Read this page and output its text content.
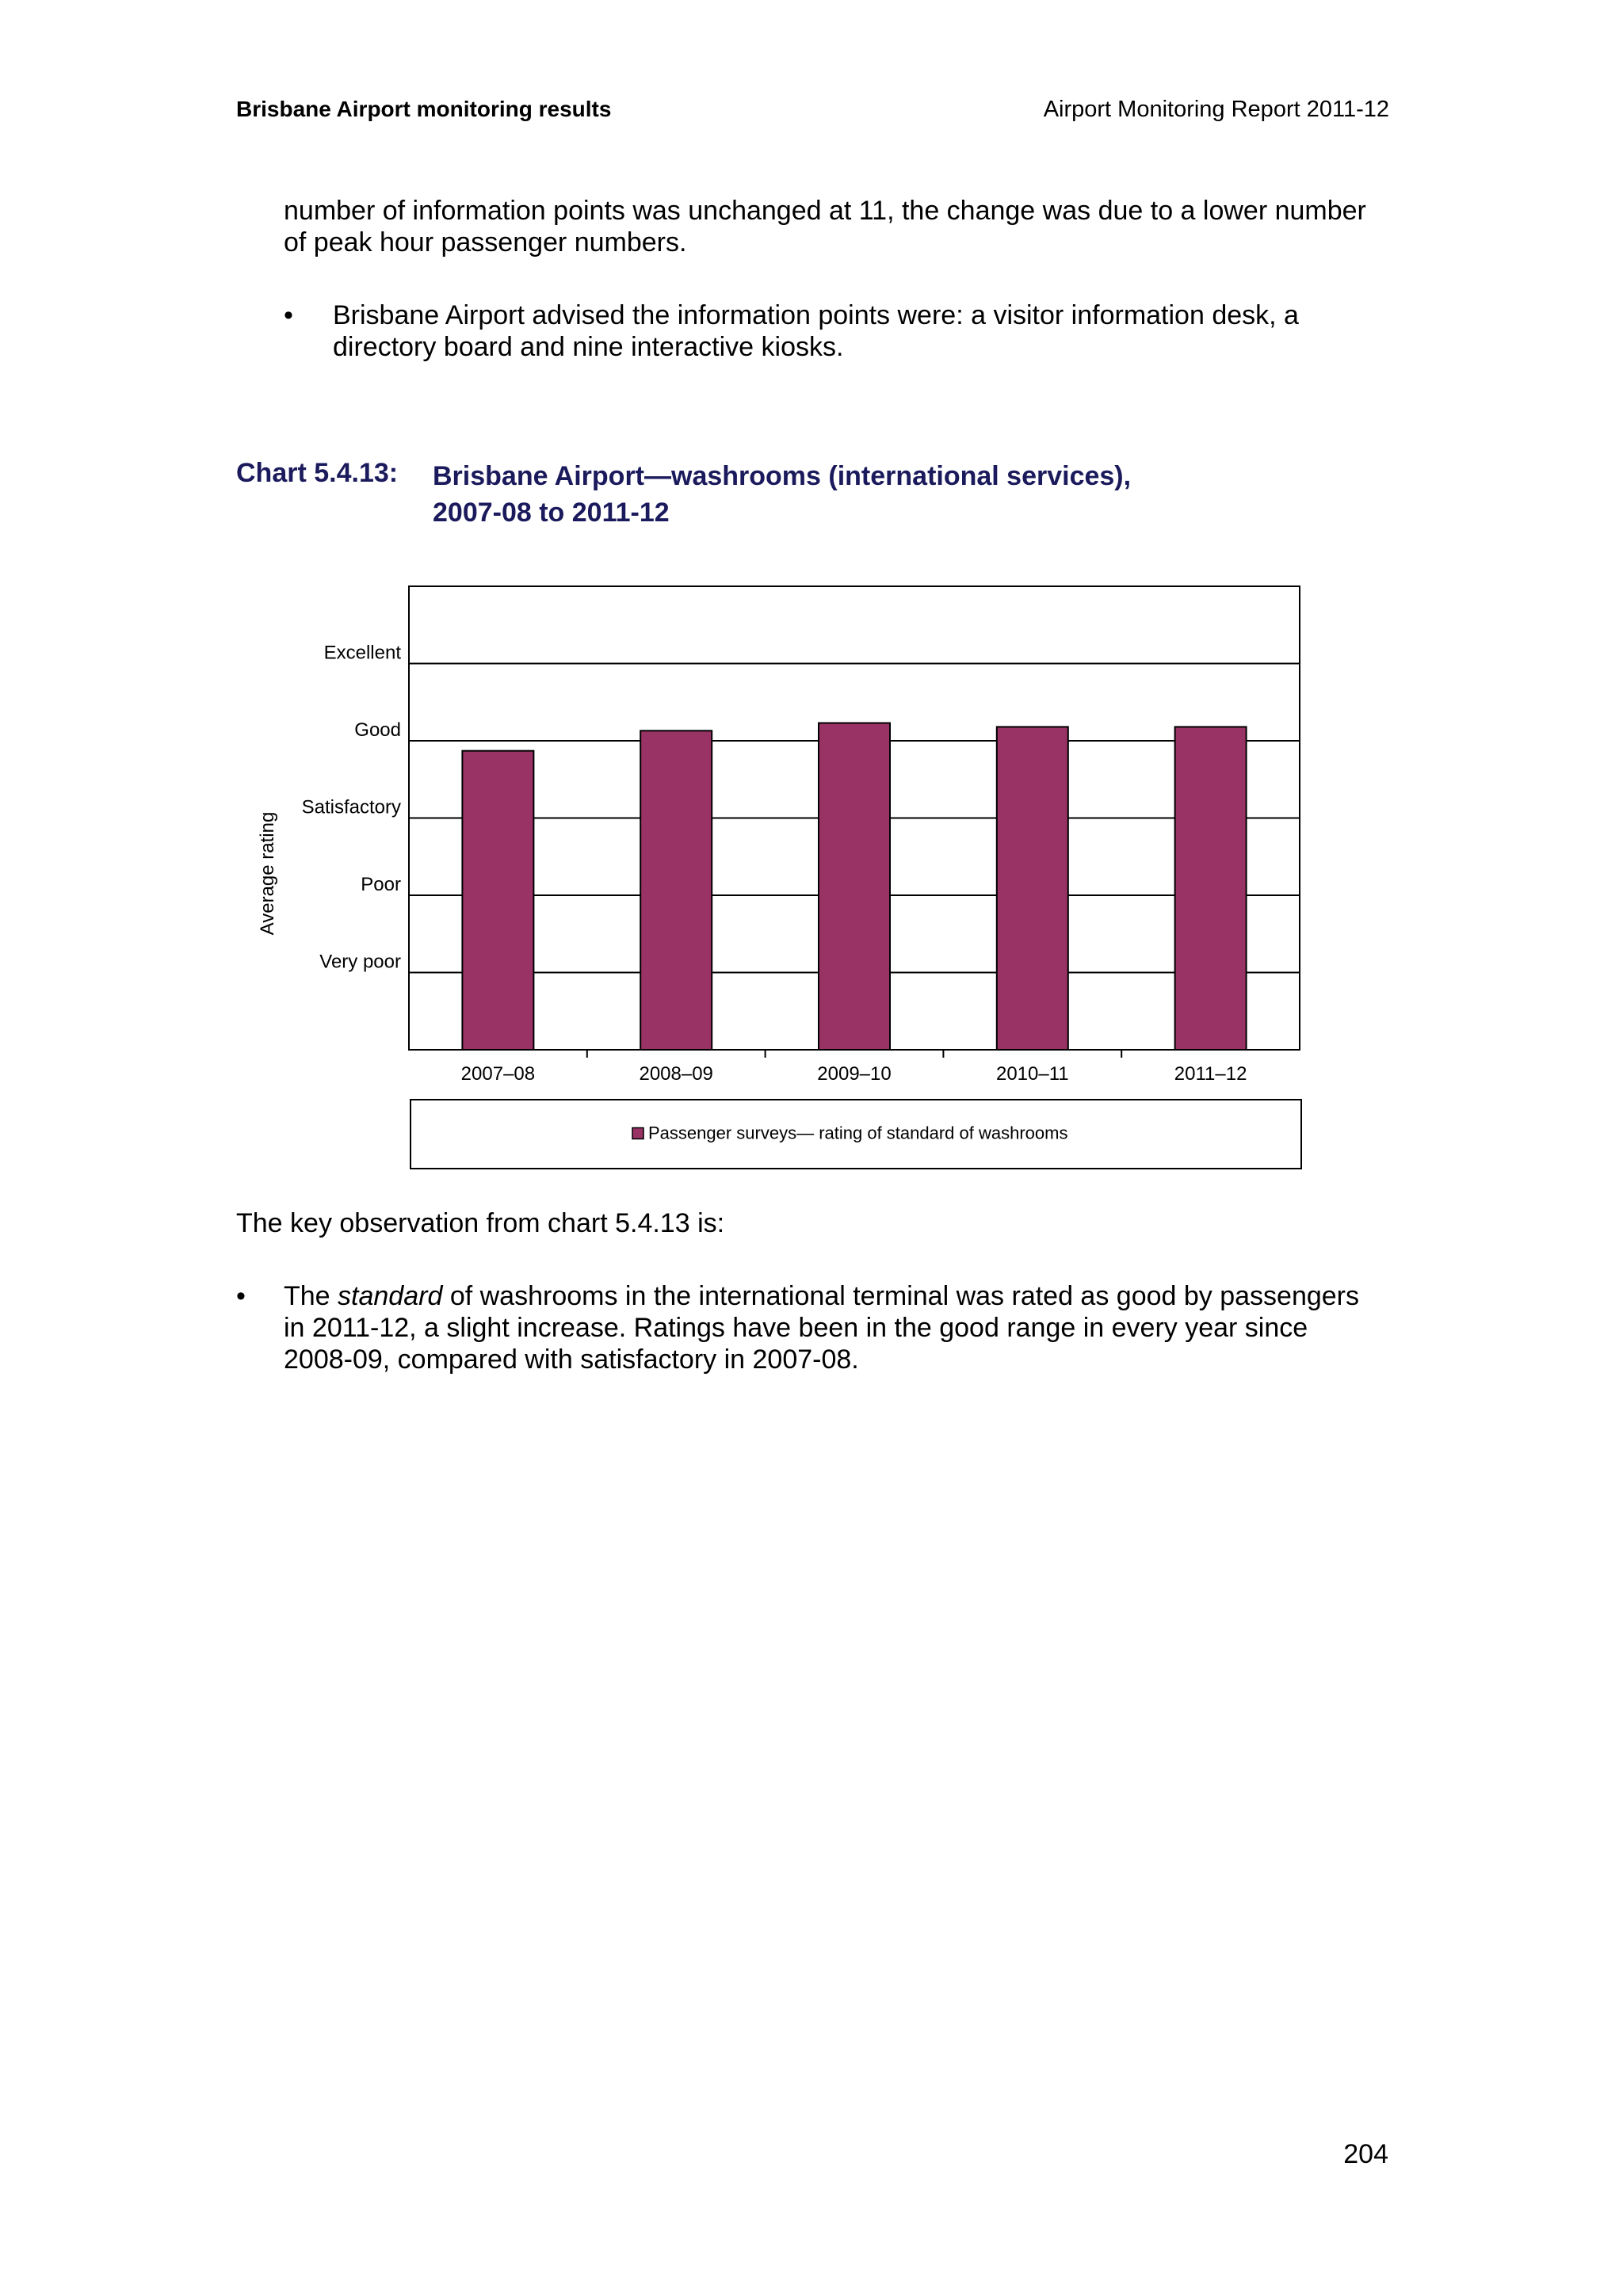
Brisbane Airport monitoring results	Airport Monitoring Report 2011-12
number of information points was unchanged at 11, the change was due to a lower number
of peak hour passenger numbers.
• Brisbane Airport advised the information points were: a visitor information desk, a
directory board and nine interactive kiosks.
Chart 5.4.13: Brisbane Airport—washrooms (international services),
2007-08 to 2011-12
Very poor
Poor
Satisfactory
Good
Excellent
Average rating
2007–08	2008–09	2009–10	2010–11	2011–12
Passenger surveys— rating of standard of washrooms
The key observation from chart 5.4.13 is:
• The standard of washrooms in the international terminal was rated as good by passengers
in 2011-12, a slight increase. Ratings have been in the good range in every year since
2008-09, compared with satisfactory in 2007-08.
204
